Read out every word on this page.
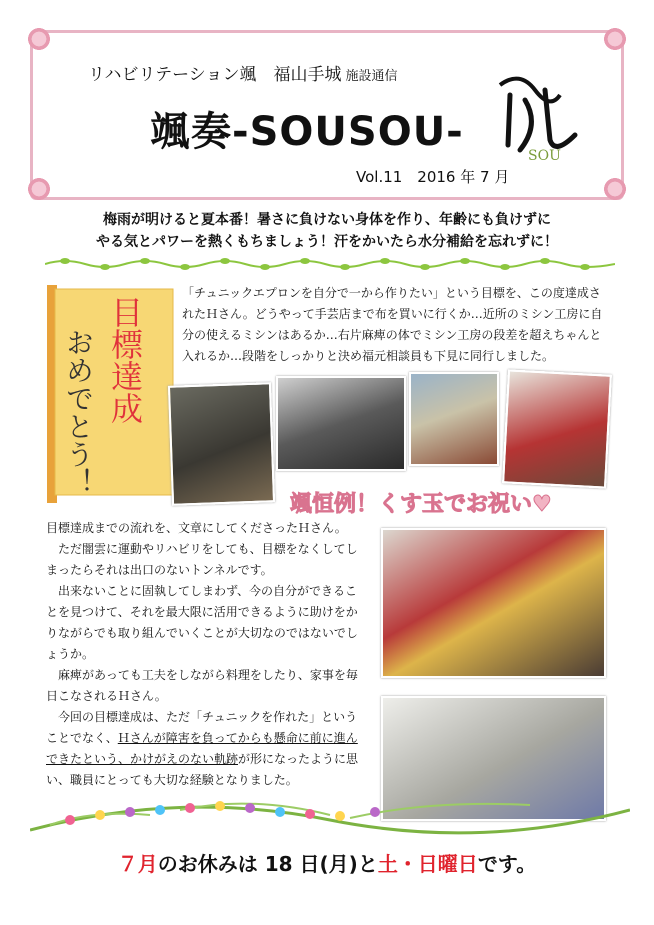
リハビリテーション颯　福山手城 施設通信
颯奏-SOUSOU-
SOU
Vol.11　2016 年 7 月
梅雨が明けると夏本番！暑さに負けない身体を作り、年齢にも負けずに
やる気とパワーを熱くもちましょう！汗をかいたら水分補給を忘れずに！
目標達成
おめでとう！
「チュニックエプロンを自分で一から作りたい」という目標を、この度達成されたＨさん。どうやって手芸店まで布を買いに行くか…近所のミシン工房に自分の使えるミシンはあるか…右片麻痺の体でミシン工房の段差を超えちゃんと入れるか…段階をしっかりと決め福元相談員も下見に同行しました。
颯恒例！くす玉でお祝い♥

目標達成までの流れを、文章にしてくださったＨさん。

　ただ闇雲に運動やリハビリをしても、目標をなくしてしまったらそれは出口のないトンネルです。

　出来ないことに固執してしまわず、今の自分ができることを見つけて、それを最大限に活用できるように助けをかりながらでも取り組んでいくことが大切なのではないでしょうか。

　麻痺があっても工夫をしながら料理をしたり、家事を毎日こなされるＨさん。

　今回の目標達成は、ただ「チュニックを作れた」ということでなく、Ｈさんが障害を負ってからも懸命に前に進んできたという、かけがえのない軌跡が形になったように思い、職員にとっても大切な経験となりました。

７月のお休みは 18 日(月)と土・日曜日です。
